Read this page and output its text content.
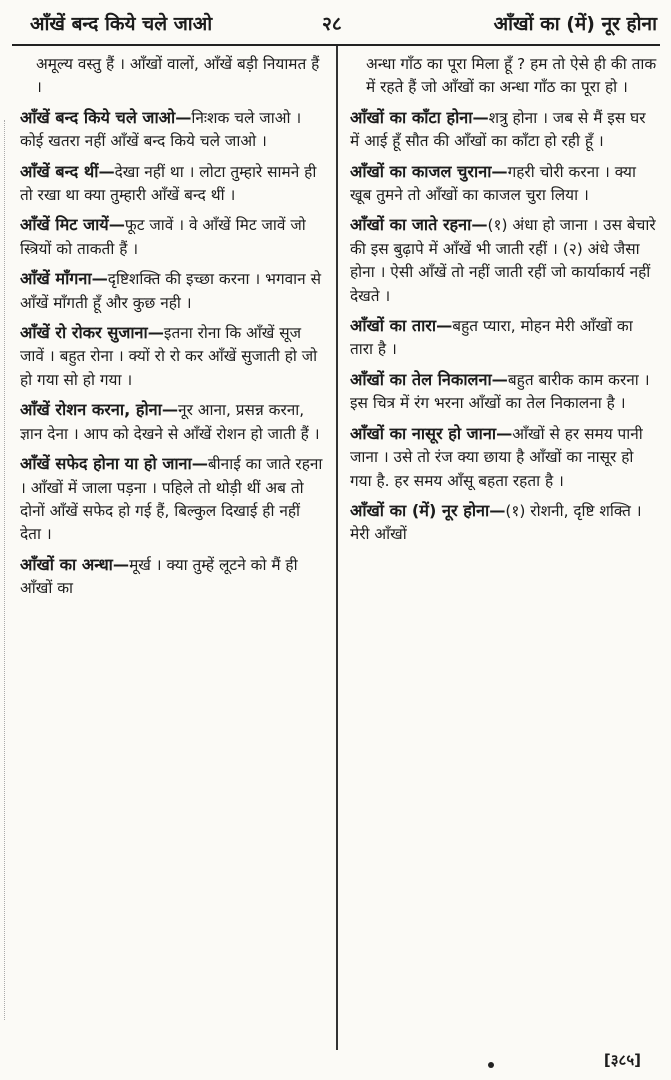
आँखें बन्द किये चले जाओ	२८	आँखों का (में) नूर होना
अमूल्य वस्तु हैं । आँखों वालों, आँखें बड़ी नियामत हैं ।
आँखें बन्द किये चले जाओ—निःशक चले जाओ । कोई खतरा नहीं आँखें बन्द किये चले जाओ ।
आँखें बन्द थीं—देखा नहीं था । लोटा तुम्हारे सामने ही तो रखा था क्या तुम्हारी आँखें बन्द थीं ।
आँखें मिट जायें—फूट जावें । वे आँखें मिट जावें जो स्त्रियों को ताकती हैं ।
आँखें माँगना—दृष्टिशक्ति की इच्छा करना । भगवान से आँखें माँगती हूँ और कुछ नही ।
आँखें रो रोकर सुजाना—इतना रोना कि आँखें सूज जावें । बहुत रोना । क्यों रो रो कर आँखें सुजाती हो जो हो गया सो हो गया ।
आँखें रोशन करना, होना—नूर आना, प्रसन्न करना, ज्ञान देना । आप को देखने से आँखें रोशन हो जाती हैं ।
आँखें सफेद होना या हो जाना—बीनाई का जाते रहना । आँखों में जाला पड़ना । पहिले तो थोड़ी थीं अब तो दोनों आँखें सफेद हो गई हैं, बिल्कुल दिखाई ही नहीं देता ।
आँखों का अन्धा—मूर्ख । क्या तुम्हें लूटने को मैं ही आँखों का
अन्धा गाँठ का पूरा मिला हूँ ? हम तो ऐसे ही की ताक में रहते हैं जो आँखों का अन्धा गाँठ का पूरा हो ।
आँखों का काँटा होना—शत्रु होना । जब से मैं इस घर में आई हूँ सौत की आँखों का काँटा हो रही हूँ ।
आँखों का काजल चुराना—गहरी चोरी करना । क्या खूब तुमने तो आँखों का काजल चुरा लिया ।
आँखों का जाते रहना—(१) अंधा हो जाना । उस बेचारे की इस बुढ़ापे में आँखें भी जाती रहीं । (२) अंधे जैसा होना । ऐसी आँखें तो नहीं जाती रहीं जो कार्याकार्य नहीं देखते ।
आँखों का तारा—बहुत प्यारा, मोहन मेरी आँखों का तारा है ।
आँखों का तेल निकालना—बहुत बारीक काम करना । इस चित्र में रंग भरना आँखों का तेल निकालना है ।
आँखों का नासूर हो जाना—आँखों से हर समय पानी जाना । उसे तो रंज क्या छाया है आँखों का नासूर हो गया है. हर समय आँसू बहता रहता है ।
आँखों का (में) नूर होना—(१) रोशनी, दृष्टि शक्ति । मेरी आँखों
[३८५]
